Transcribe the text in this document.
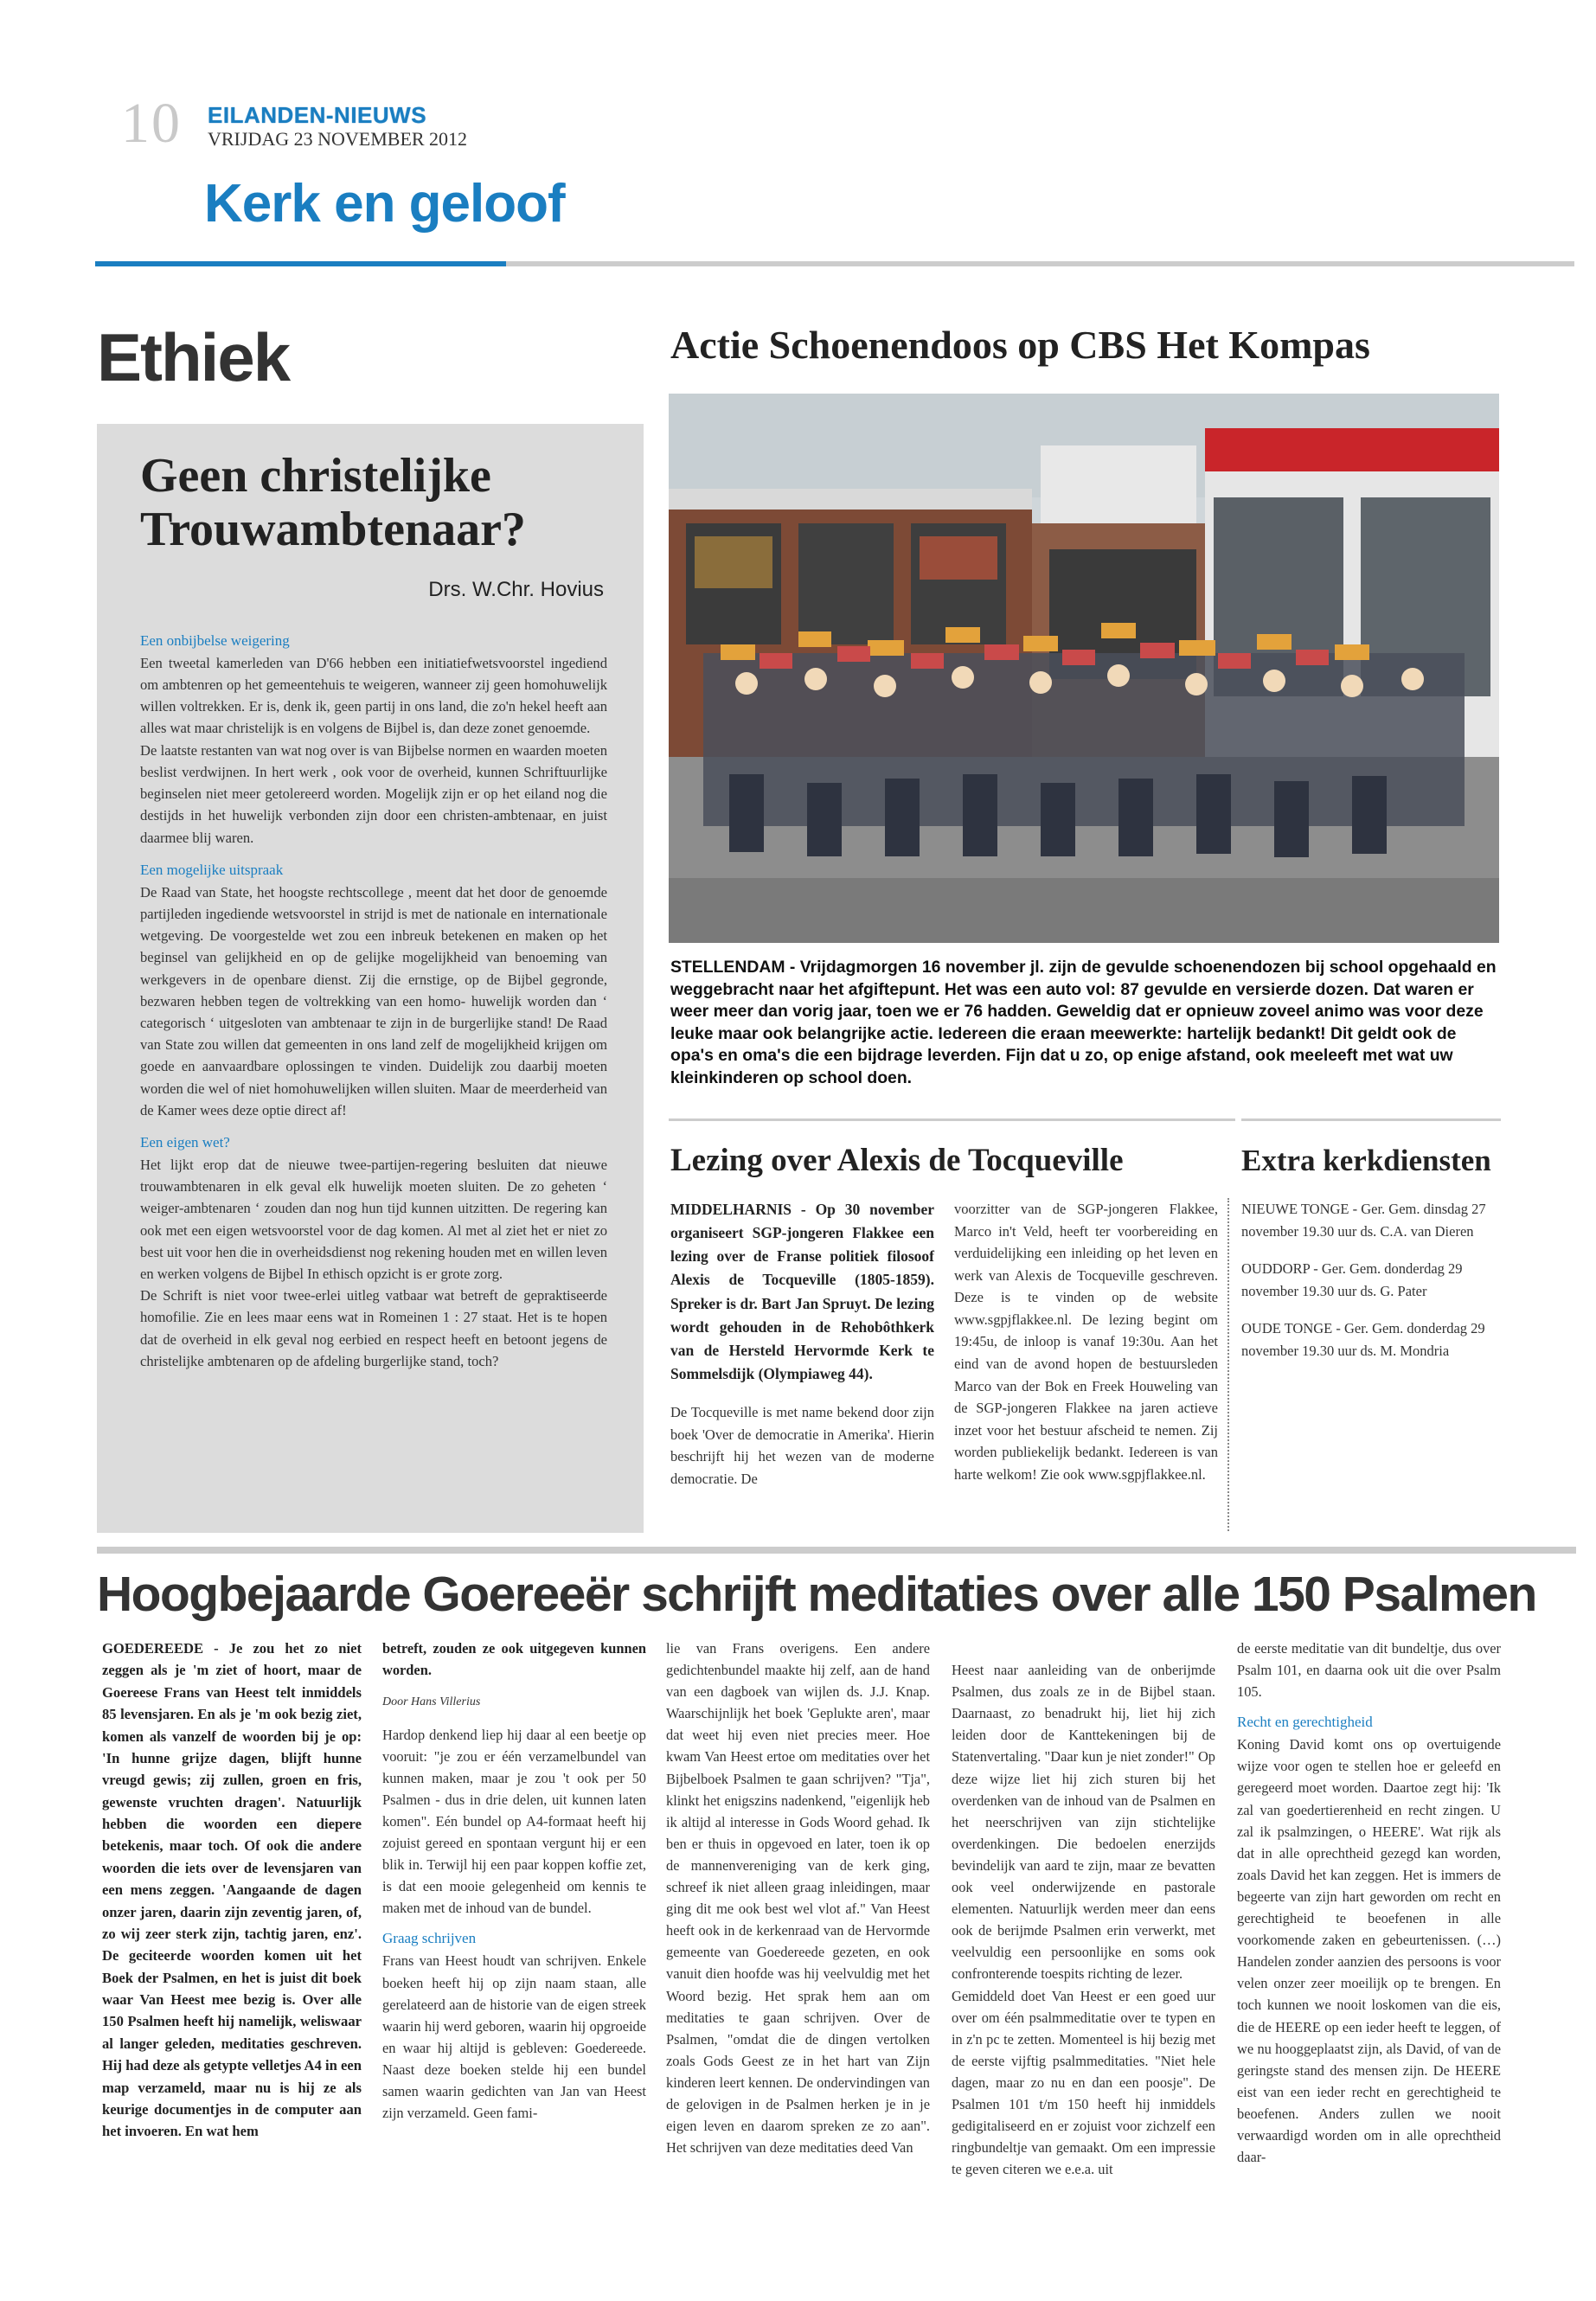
10 EILANDEN-NIEUWS
VRIJDAG 23 NOVEMBER 2012
Kerk en geloof
Ethiek
Geen christelijke Trouwambtenaar?
Drs. W.Chr. Hovius
Een onbijbelse weigering

Een tweetal kamerleden van D'66 hebben een initiatiefwetsvoorstel ingediend om ambtenren op het gemeentehuis te weigeren, wanneer zij geen homohuwelijk willen voltrekken. Er is, denk ik, geen partij in ons land, die zo'n hekel heeft aan alles wat maar christelijk is en volgens de Bijbel is, dan deze zonet genoemde.

De laatste restanten van wat nog over is van Bijbelse normen en waarden moeten beslist verdwijnen. In hert werk , ook voor de overheid, kunnen Schriftuurlijke beginselen niet meer getolereerd worden. Mogelijk zijn er op het eiland nog die destijds in het huwelijk verbonden zijn door een christen-ambtenaar, en juist daarmee blij waren.

Een mogelijke uitspraak

De Raad van State, het hoogste rechtscollege , meent dat het door de genoemde partijleden ingediende wetsvoorstel in strijd is met de nationale en internationale wetgeving. De voorgestelde wet zou een inbreuk betekenen en maken op het beginsel van gelijkheid en op de gelijke mogelijkheid van benoeming van werkgevers in de openbare dienst. Zij die ernstige, op de Bijbel gegronde, bezwaren hebben tegen de voltrekking van een homo- huwelijk worden dan ‘ categorisch ‘ uitgesloten van ambtenaar te zijn in de burgerlijke stand! De Raad van State zou willen dat gemeenten in ons land zelf de mogelijkheid krijgen om goede en aanvaardbare oplossingen te vinden. Duidelijk zou daarbij moeten worden die wel of niet homohuwelijken willen sluiten. Maar de meerderheid van de Kamer wees deze optie direct af!

Een eigen wet?

Het lijkt erop dat de nieuwe twee-partijen-regering besluiten dat nieuwe trouwambtenaren in elk geval elk huwelijk moeten sluiten. De zo geheten ‘ weiger-ambtenaren ‘ zouden dan nog hun tijd kunnen uitzitten. De regering kan ook met een eigen wetsvoorstel voor de dag komen. Al met al ziet het er niet zo best uit voor hen die in overheidsdienst nog rekening houden met en willen leven en werken volgens de Bijbel In ethisch opzicht is er grote zorg.

De Schrift is niet voor twee-erlei uitleg vatbaar wat betreft de gepraktiseerde homofilie. Zie en lees maar eens wat in Romeinen 1 : 27 staat. Het is te hopen dat de overheid in elk geval nog eerbied en respect heeft en betoont jegens de christelijke ambtenaren op de afdeling burgerlijke stand, toch?

Actie Schoenendoos op CBS Het Kompas
STELLENDAM - Vrijdagmorgen 16 november jl. zijn de gevulde schoenendozen bij school opgehaald en weggebracht naar het afgiftepunt. Het was een auto vol: 87 gevulde en versierde dozen. Dat waren er weer meer dan vorig jaar, toen we er 76 hadden. Geweldig dat er opnieuw zoveel animo was voor deze leuke maar ook belangrijke actie. Iedereen die eraan meewerkte: hartelijk bedankt! Dit geldt ook de opa's en oma's die een bijdrage leverden. Fijn dat u zo, op enige afstand, ook meeleeft met wat uw kleinkinderen op school doen.
Lezing over Alexis de Tocqueville

MIDDELHARNIS - Op 30 november organiseert SGP-jongeren Flakkee een lezing over de Franse politiek filosoof Alexis de Tocqueville (1805-1859). Spreker is dr. Bart Jan Spruyt. De lezing wordt gehouden in de Rehobôthkerk van de Hersteld Hervormde Kerk te Sommelsdijk (Olympiaweg 44).

De Tocqueville is met name bekend door zijn boek 'Over de democratie in Amerika'. Hierin beschrijft hij het wezen van de moderne democratie. De

voorzitter van de SGP-jongeren Flakkee, Marco in't Veld, heeft ter voorbereiding en verduidelijking een inleiding op het leven en werk van Alexis de Tocqueville geschreven. Deze is te vinden op de website www.sgpjflakkee.nl. De lezing begint om 19:45u, de inloop is vanaf 19:30u. Aan het eind van de avond hopen de bestuursleden Marco van der Bok en Freek Houweling van de SGP-jongeren Flakkee na jaren actieve inzet voor het bestuur afscheid te nemen. Zij worden publiekelijk bedankt. Iedereen is van harte welkom! Zie ook www.sgpjflakkee.nl.

Extra kerkdiensten

NIEUWE TONGE - Ger. Gem. dinsdag 27 november 19.30 uur ds. C.A. van Dieren

OUDDORP - Ger. Gem. donderdag 29 november 19.30 uur ds. G. Pater

OUDE TONGE - Ger. Gem. donderdag 29 november 19.30 uur ds. M. Mondria

Hoogbejaarde Goereeër schrijft meditaties over alle 150 Psalmen

GOEDEREEDE - Je zou het zo niet zeggen als je 'm ziet of hoort, maar de Goereese Frans van Heest telt inmiddels 85 levensjaren. En als je 'm ook bezig ziet, komen als vanzelf de woorden bij je op: 'In hunne grijze dagen, blijft hunne vreugd gewis; zij zullen, groen en fris, gewenste vruchten dragen'. Natuurlijk hebben die woorden een diepere betekenis, maar toch. Of ook die andere woorden die iets over de levensjaren van een mens zeggen. 'Aangaande de dagen onzer jaren, daarin zijn zeventig jaren, of, zo wij zeer sterk zijn, tachtig jaren, enz'. De geciteerde woorden komen uit het Boek der Psalmen, en het is juist dit boek waar Van Heest mee bezig is. Over alle 150 Psalmen heeft hij namelijk, weliswaar al langer geleden, meditaties geschreven. Hij had deze als getypte velletjes A4 in een map verzameld, maar nu is hij ze als keurige documentjes in de computer aan het invoeren. En wat hem

betreft, zouden ze ook uitgegeven kunnen worden.

Door Hans Villerius

Hardop denkend liep hij daar al een beetje op vooruit: "je zou er één verzamelbundel van kunnen maken, maar je zou 't ook per 50 Psalmen - dus in drie delen, uit kunnen laten komen". Eén bundel op A4-formaat heeft hij zojuist gereed en spontaan vergunt hij er een blik in. Terwijl hij een paar koppen koffie zet, is dat een mooie gelegenheid om kennis te maken met de inhoud van de bundel.

Graag schrijven

Frans van Heest houdt van schrijven. Enkele boeken heeft hij op zijn naam staan, alle gerelateerd aan de historie van de eigen streek waarin hij werd geboren, waarin hij opgroeide en waar hij altijd is gebleven: Goedereede. Naast deze boeken stelde hij een bundel samen waarin gedichten van Jan van Heest zijn verzameld. Geen fami-

lie van Frans overigens. Een andere gedichtenbundel maakte hij zelf, aan de hand van een dagboek van wijlen ds. J.J. Knap. Waarschijnlijk het boek 'Geplukte aren', maar dat weet hij even niet precies meer. Hoe kwam Van Heest ertoe om meditaties over het Bijbelboek Psalmen te gaan schrijven? "Tja", klinkt het enigszins nadenkend, "eigenlijk heb ik altijd al interesse in Gods Woord gehad. Ik ben er thuis in opgevoed en later, toen ik op de mannenvereniging van de kerk ging, schreef ik niet alleen graag inleidingen, maar ging dit me ook best wel vlot af." Van Heest heeft ook in de kerkenraad van de Hervormde gemeente van Goedereede gezeten, en ook vanuit dien hoofde was hij veelvuldig met het Woord bezig. Het sprak hem aan om meditaties te gaan schrijven. Over de Psalmen, "omdat die de dingen vertolken zoals Gods Geest ze in het hart van Zijn kinderen leert kennen. De ondervindingen van de gelovigen in de Psalmen herken je in je eigen leven en daarom spreken ze zo aan". Het schrijven van deze meditaties deed Van

Heest naar aanleiding van de onberijmde Psalmen, dus zoals ze in de Bijbel staan. Daarnaast, zo benadrukt hij, liet hij zich leiden door de Kanttekeningen bij de Statenvertaling. "Daar kun je niet zonder!" Op deze wijze liet hij zich sturen bij het overdenken van de inhoud van de Psalmen en het neerschrijven van zijn stichtelijke overdenkingen. Die bedoelen enerzijds bevindelijk van aard te zijn, maar ze bevatten ook veel onderwijzende en pastorale elementen. Natuurlijk werden meer dan eens ook de berijmde Psalmen erin verwerkt, met veelvuldig een persoonlijke en soms ook confronterende toespits richting de lezer.
Gemiddeld doet Van Heest er een goed uur over om één psalmmeditatie over te typen en in z'n pc te zetten. Momenteel is hij bezig met de eerste vijftig psalmmeditaties. "Niet hele dagen, maar zo nu en dan een poosje". De Psalmen 101 t/m 150 heeft hij inmiddels gedigitaliseerd en er zojuist voor zichzelf een ringbundeltje van gemaakt. Om een impressie te geven citeren we e.e.a. uit

de eerste meditatie van dit bundeltje, dus over Psalm 101, en daarna ook uit die over Psalm 105.

Recht en gerechtigheid

Koning David komt ons op overtuigende wijze voor ogen te stellen hoe er geleefd en geregeerd moet worden. Daartoe zegt hij: 'Ik zal van goedertierenheid en recht zingen. U zal ik psalmzingen, o HEERE'. Wat rijk als dat in alle oprechtheid gezegd kan worden, zoals David het kan zeggen. Het is immers de begeerte van zijn hart geworden om recht en gerechtigheid te beoefenen in alle voorkomende zaken en gebeurtenissen. (…) Handelen zonder aanzien des persoons is voor velen onzer zeer moeilijk op te brengen. En toch kunnen we nooit loskomen van die eis, die de HEERE op een ieder heeft te leggen, of we nu hooggeplaatst zijn, als David, of van de geringste stand des mensen zijn. De HEERE eist van een ieder recht en gerechtigheid te beoefenen. Anders zullen we nooit verwaardigd worden om in alle oprechtheid daar-
